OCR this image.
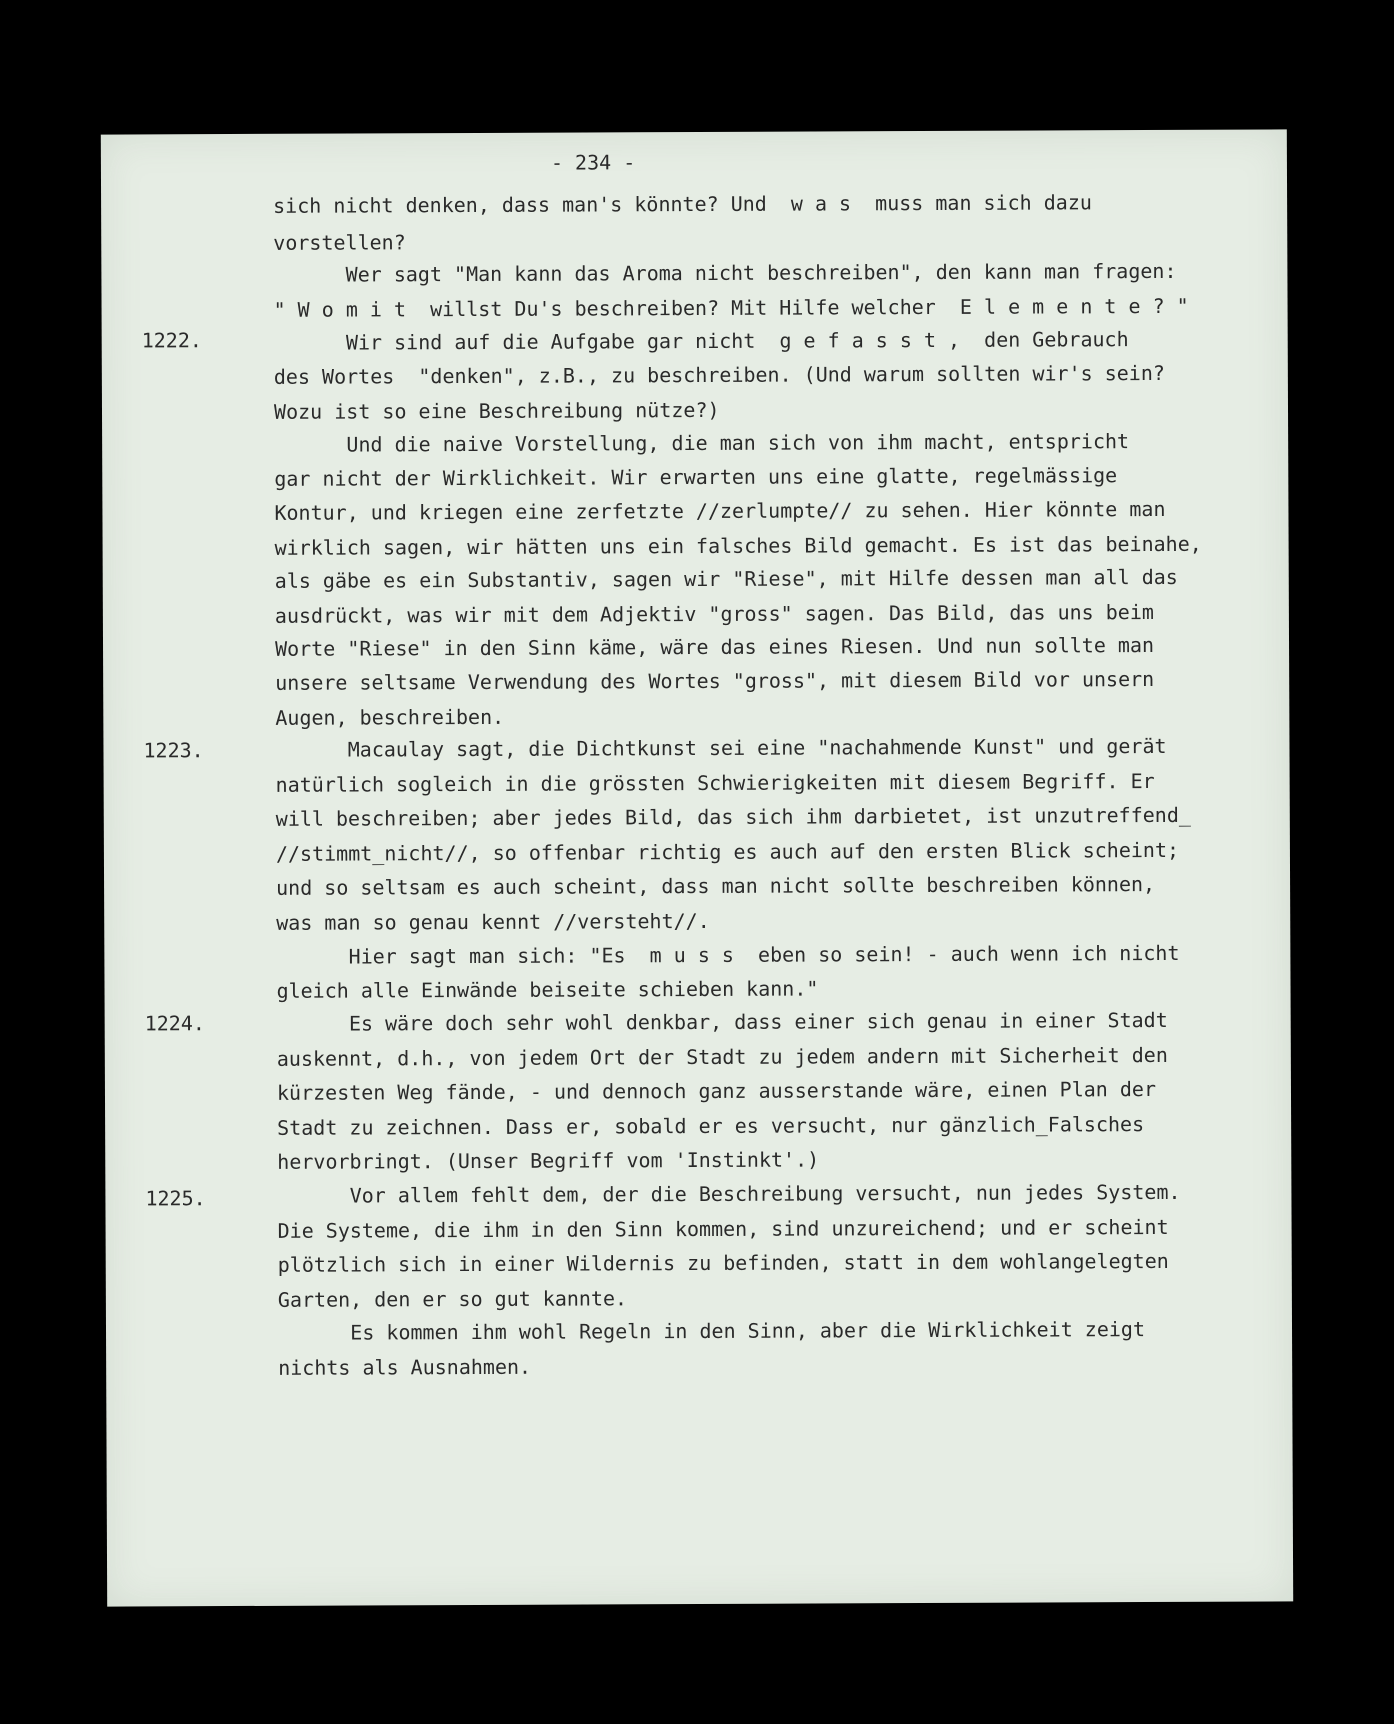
- 234 -
1222.
1223.
1224.
1225.
sich nicht denken, dass man's könnte? Und  w a s  muss man sich dazu
vorstellen?
Wer sagt "Man kann das Aroma nicht beschreiben", den kann man fragen:
" W o m i t  willst Du's beschreiben? Mit Hilfe welcher  E l e m e n t e ? "
Wir sind auf die Aufgabe gar nicht  g e f a s s t ,  den Gebrauch
des Wortes  "denken", z.B., zu beschreiben. (Und warum sollten wir's sein?
Wozu ist so eine Beschreibung nütze?)
Und die naive Vorstellung, die man sich von ihm macht, entspricht
gar nicht der Wirklichkeit. Wir erwarten uns eine glatte, regelmässige
Kontur, und kriegen eine zerfetzte //zerlumpte// zu sehen. Hier könnte man
wirklich sagen, wir hätten uns ein falsches Bild gemacht. Es ist das beinahe,
als gäbe es ein Substantiv, sagen wir "Riese", mit Hilfe dessen man all das
ausdrückt, was wir mit dem Adjektiv "gross" sagen. Das Bild, das uns beim
Worte "Riese" in den Sinn käme, wäre das eines Riesen. Und nun sollte man
unsere seltsame Verwendung des Wortes "gross", mit diesem Bild vor unsern
Augen, beschreiben.
Macaulay sagt, die Dichtkunst sei eine "nachahmende Kunst" und gerät
natürlich sogleich in die grössten Schwierigkeiten mit diesem Begriff. Er
will beschreiben; aber jedes Bild, das sich ihm darbietet, ist unzutreffend_
//stimmt_nicht//, so offenbar richtig es auch auf den ersten Blick scheint;
und so seltsam es auch scheint, dass man nicht sollte beschreiben können,
was man so genau kennt //versteht//.
Hier sagt man sich: "Es  m u s s  eben so sein! - auch wenn ich nicht
gleich alle Einwände beiseite schieben kann."
Es wäre doch sehr wohl denkbar, dass einer sich genau in einer Stadt
auskennt, d.h., von jedem Ort der Stadt zu jedem andern mit Sicherheit den
kürzesten Weg fände, - und dennoch ganz ausserstande wäre, einen Plan der
Stadt zu zeichnen. Dass er, sobald er es versucht, nur gänzlich_Falsches
hervorbringt. (Unser Begriff vom 'Instinkt'.)
Vor allem fehlt dem, der die Beschreibung versucht, nun jedes System.
Die Systeme, die ihm in den Sinn kommen, sind unzureichend; und er scheint
plötzlich sich in einer Wildernis zu befinden, statt in dem wohlangelegten
Garten, den er so gut kannte.
Es kommen ihm wohl Regeln in den Sinn, aber die Wirklichkeit zeigt
nichts als Ausnahmen.
